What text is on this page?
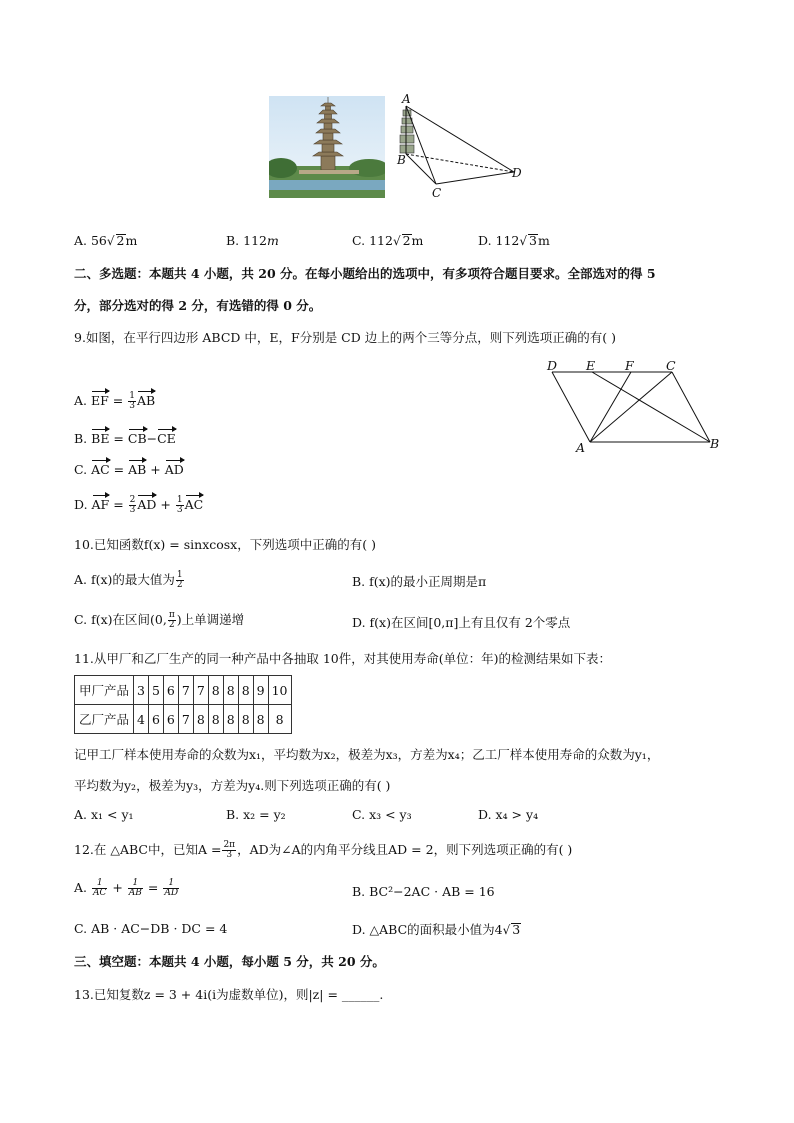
A
B
C
D
A. 56√ 2m	B. 112m	C. 112√ 2m	D. 112√ 3m
二、多选题：本题共 4 小题，共 20 分。在每小题给出的选项中，有多项符合题目要求。全部选对的得 5
分，部分选对的得 2 分，有选错的得 0 分。
9.如图，在平行四边形 ABCD 中，E，F分别是 CD 边上的两个三等分点，则下列选项正确的有( )
D E F	C
A	B
A. EF = $\frac{1}{3}$ AB
B. BE = CB−CE
C. AC = AB + AD
D. AF = $\frac{2}{3}$ AD + $\frac{1}{3}$ AC
10.已知函数f(x) = sinxcosx，下列选项中正确的有( )
A. f(x)的最大值为 $\frac{1}{2}$	B. f(x)的最小正周期是π
C. f(x)在区间(0, $\frac{\pi}{2}$ )上单调递增	D. f(x)在区间[0,π]上有且仅有 2个零点
11.从甲厂和乙厂生产的同一种产品中各抽取 10件，对其使用寿命(单位：年)的检测结果如下表：
甲厂产品	3	5	6	7	7	8	8	8	9	10
乙厂产品	4	6	6	7	8	8	8	8	8	8
记甲工厂样本使用寿命的众数为x₁，平均数为x₂，极差为x₃，方差为x₄；乙工厂样本使用寿命的众数为y₁，
平均数为y₂，极差为y₃，方差为y₄.则下列选项正确的有( )
A. x₁ < y₁	B. x₂ = y₂	C. x₃ < y₃	D. x₄ > y₄
12.在 △ABC中，已知$A = \frac{2\pi}{3}$ ，AD为∠A的内角平分线且AD = 2，则下列选项正确的有( )
A. $\frac{1}{AC} + \frac{1}{AB} = \frac{1}{AD}$	B. BC²−2AC · AB = 16
C. AB · AC−DB · DC = 4	D. △ABC的面积最小值为4√ 3
三、填空题：本题共 4 小题，每小题 5 分，共 20 分。
13.已知复数z = 3 + 4i(i为虚数单位)，则|z| = ______.
